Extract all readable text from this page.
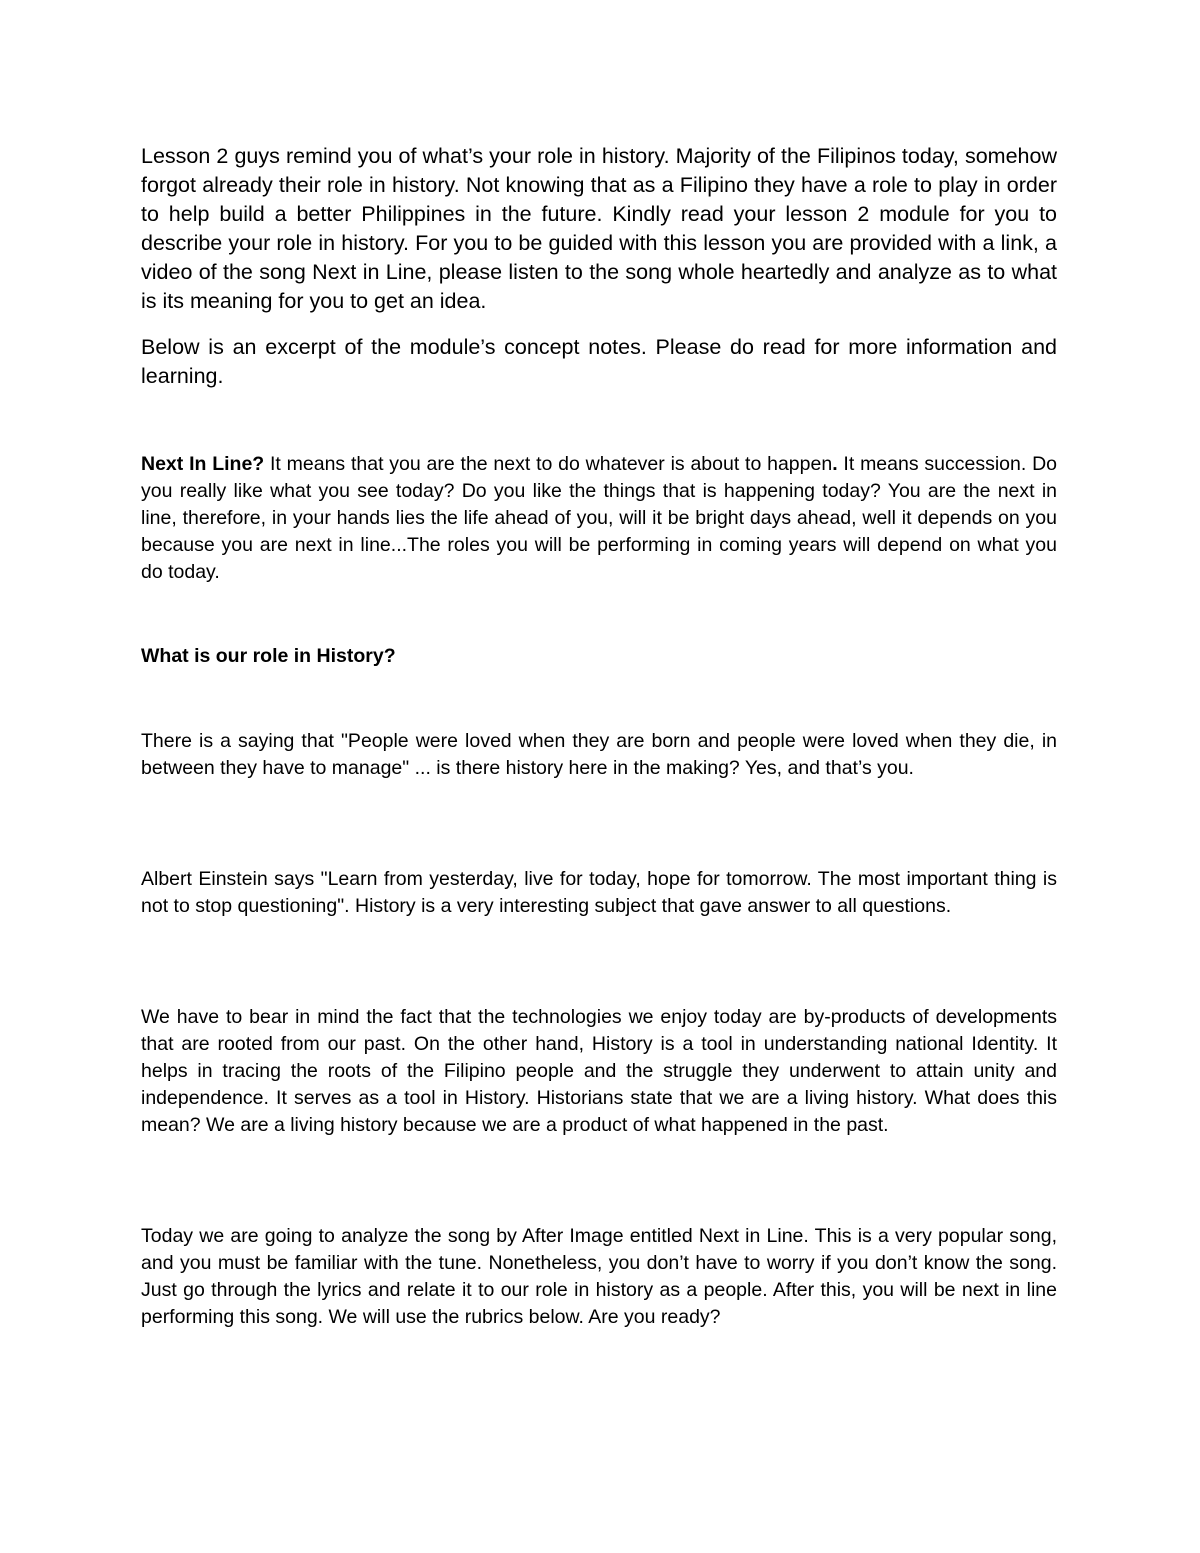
Lesson 2 guys remind you of what’s your role in history. Majority of the Filipinos today, somehow forgot already their role in history. Not knowing that as a Filipino they have a role to play in order to help build a better Philippines in the future. Kindly read your lesson 2 module for you to describe your role in history. For you to be guided with this lesson you are provided with a link, a video of the song Next in Line, please listen to the song whole heartedly and analyze as to what is its meaning for you to get an idea.

Below is an excerpt of the module’s concept notes. Please do read for more information and learning.

Next In Line? It means that you are the next to do whatever is about to happen. It means succession. Do you really like what you see today? Do you like the things that is happening today? You are the next in line, therefore, in your hands lies the life ahead of you, will it be bright days ahead, well it depends on you because you are next in line...The roles you will be performing in coming years will depend on what you do today.

What is our role in History?

There is a saying that "People were loved when they are born and people were loved when they die, in between they have to manage" ... is there history here in the making? Yes, and that’s you.

Albert Einstein says "Learn from yesterday, live for today, hope for tomorrow. The most important thing is not to stop questioning". History is a very interesting subject that gave answer to all questions.

We have to bear in mind the fact that the technologies we enjoy today are by-products of developments that are rooted from our past. On the other hand, History is a tool in understanding national Identity. It helps in tracing the roots of the Filipino people and the struggle they underwent to attain unity and independence. It serves as a tool in History. Historians state that we are a living history. What does this mean? We are a living history because we are a product of what happened in the past.

Today we are going to analyze the song by After Image entitled Next in Line. This is a very popular song, and you must be familiar with the tune. Nonetheless, you don’t have to worry if you don’t know the song. Just go through the lyrics and relate it to our role in history as a people. After this, you will be next in line performing this song. We will use the rubrics below. Are you ready?
